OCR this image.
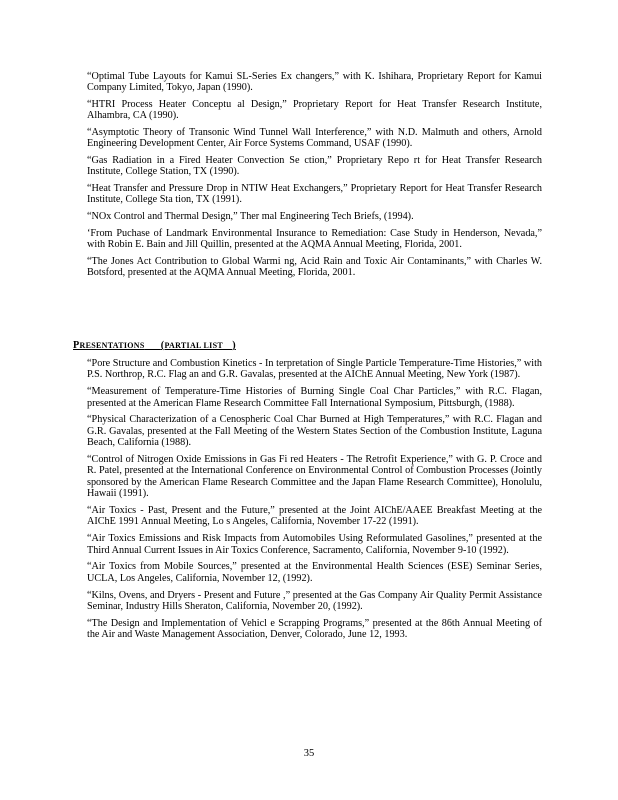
“Optimal Tube Layouts for Kamui SL-Series Ex changers,” with K. Ishihara, Proprietary Report for Kamui Company Limited, Tokyo, Japan (1990).
“HTRI Process Heater Conceptu al Design,” Proprietary Report for Heat Transfer Research Institute, Alhambra, CA (1990).
“Asymptotic Theory of Transonic Wind Tunnel Wall Interference,” with N.D. Malmuth and others, Arnold Engineering Development Center, Air Force Systems Command, USAF (1990).
“Gas Radiation in a Fired Heater Convection Se ction,” Proprietary Repo rt for Heat Transfer Research Institute, College Station, TX (1990).
“Heat Transfer and Pressure Drop in NTIW Heat Exchangers,” Proprietary Report for Heat Transfer Research Institute, College Sta tion, TX (1991).
“NOx Control and Thermal Design,” Ther mal Engineering Tech Briefs, (1994).
‘From Puchase of Landmark Environmental Insurance to Remediation: Case Study in Henderson, Nevada,” with Robin E. Bain and Jill Quillin, presented at the AQMA Annual Meeting, Florida, 2001.
“The Jones Act Contribution to Global Warmi ng, Acid Rain and Toxic Air Contaminants,” with Charles W. Botsford, presented at the AQMA Annual Meeting, Florida, 2001.
PRESENTATIONS (PARTIAL LIST )
“Pore Structure and Combustion Kinetics - In terpretation of Single Particle Temperature-Time Histories,” with P.S. Northrop, R.C. Flag an and G.R. Gavalas, presented at the AIChE Annual Meeting, New York (1987).
“Measurement of Temperature-Time Histories of Burning Single Coal Char Particles,” with R.C. Flagan, presented at the American Flame Research Committee Fall International Symposium, Pittsburgh, (1988).
“Physical Characterization of a Cenospheric Coal Char Burned at High Temperatures,” with R.C. Flagan and G.R. Gavalas, presented at the Fall Meeting of the Western States Section of the Combustion Institute, Laguna Beach, California (1988).
“Control of Nitrogen Oxide Emissions in Gas Fi red Heaters - The Retrofit Experience,” with G. P. Croce and R. Patel, presented at the International Conference on Environmental Control of Combustion Processes (Jointly sponsored by the American Flame Research Committee and the Japan Flame Research Committee), Honolulu, Hawaii (1991).
“Air Toxics - Past, Present and the Future,” presented at the Joint AIChE/AAEE Breakfast Meeting at the AIChE 1991 Annual Meeting, Lo s Angeles, California, November 17-22 (1991).
“Air Toxics Emissions and Risk Impacts from Automobiles Using Reformulated Gasolines,” presented at the Third Annual Current Issues in Air Toxics Conference, Sacramento, California, November 9-10 (1992).
“Air Toxics from Mobile Sources,” presented at the Environmental Health Sciences (ESE) Seminar Series, UCLA, Los Angeles, California, November 12, (1992).
“Kilns, Ovens, and Dryers - Present and Future ,” presented at the Gas Company Air Quality Permit Assistance Seminar, Industry Hills Sheraton, California, November 20, (1992).
“The Design and Implementation of Vehicl e Scrapping Programs,” presented at the 86th Annual Meeting of the Air and Waste Management Association, Denver, Colorado, June 12, 1993.
35
